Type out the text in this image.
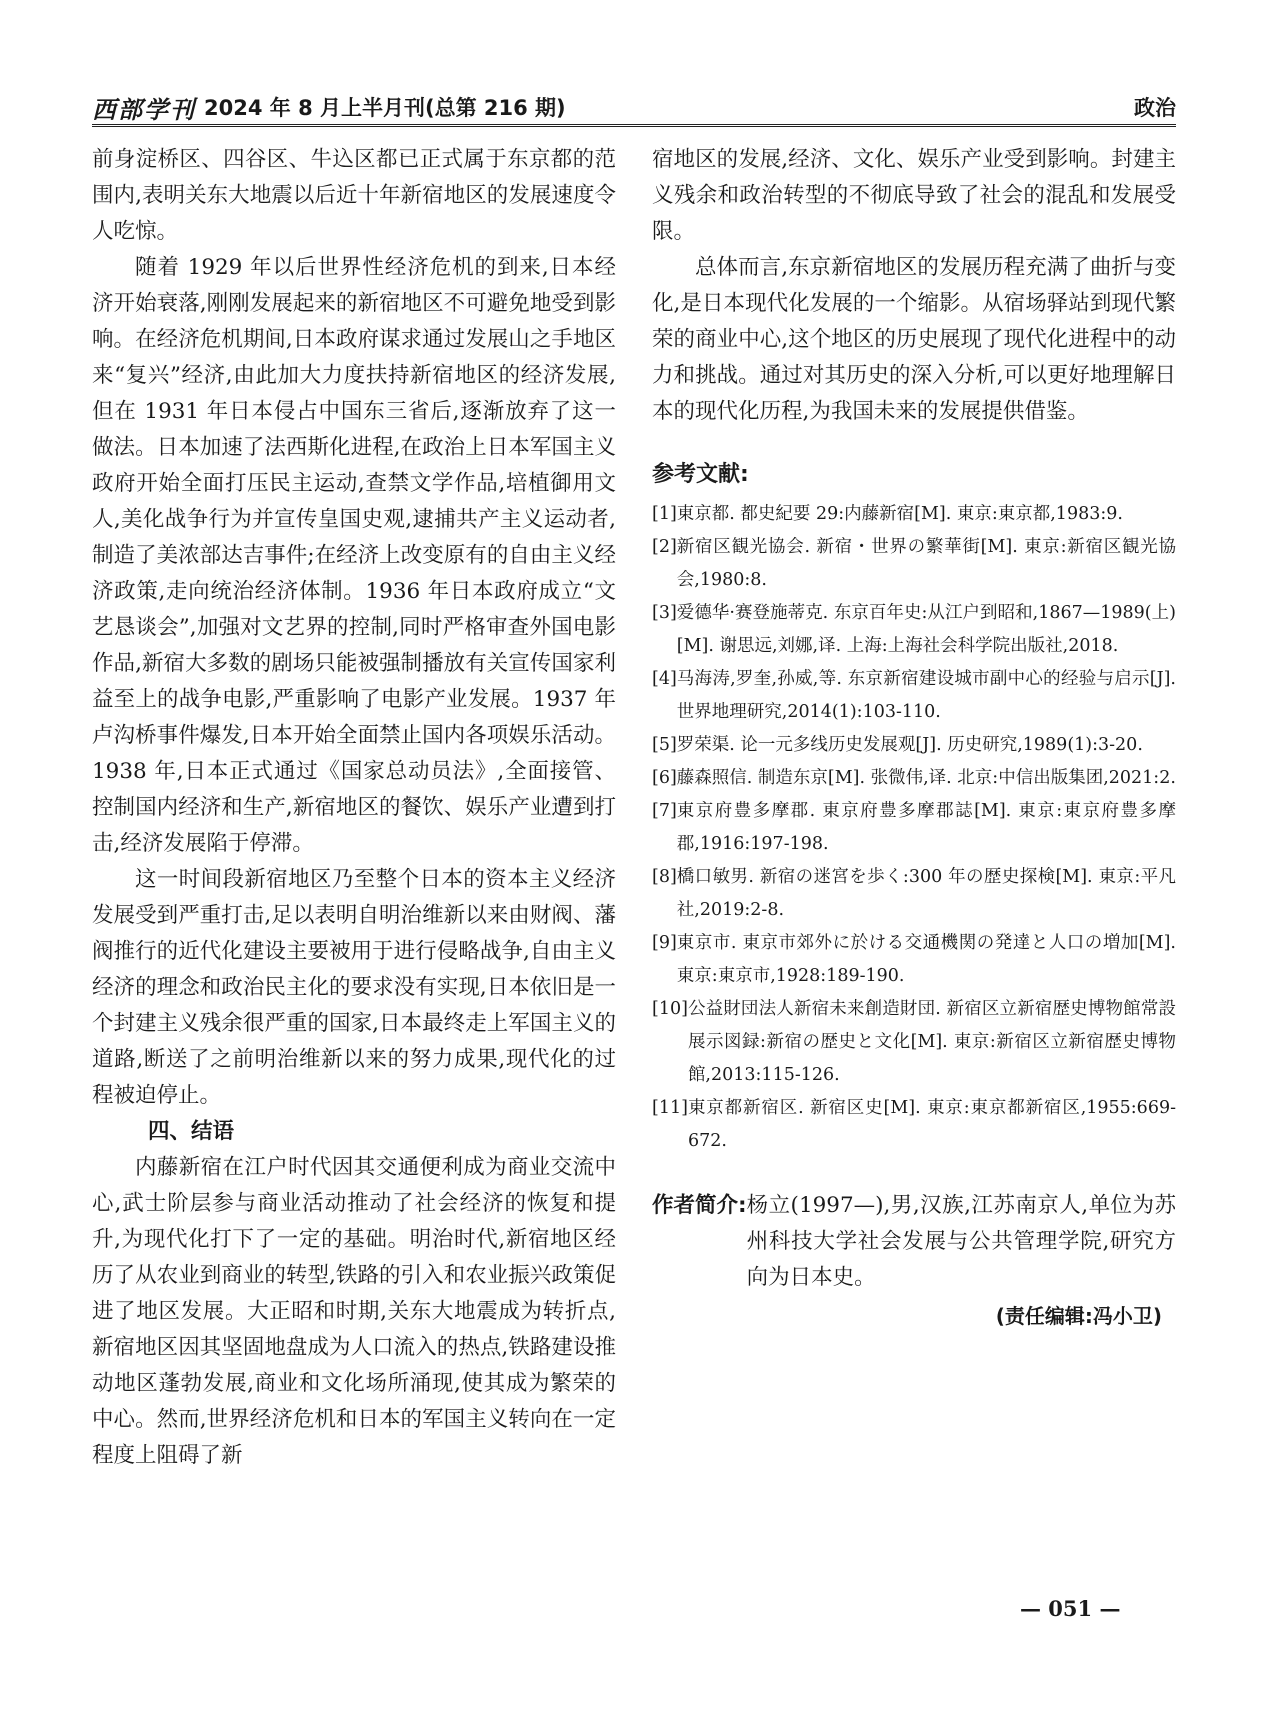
西部学刊 2024 年 8 月上半月刊(总第 216 期)	政治

前身淀桥区、四谷区、牛込区都已正式属于东京都的范围内,表明关东大地震以后近十年新宿地区的发展速度令人吃惊。

随着 1929 年以后世界性经济危机的到来,日本经济开始衰落,刚刚发展起来的新宿地区不可避免地受到影响。在经济危机期间,日本政府谋求通过发展山之手地区来“复兴”经济,由此加大力度扶持新宿地区的经济发展,但在 1931 年日本侵占中国东三省后,逐渐放弃了这一做法。日本加速了法西斯化进程,在政治上日本军国主义政府开始全面打压民主运动,查禁文学作品,培植御用文人,美化战争行为并宣传皇国史观,逮捕共产主义运动者,制造了美浓部达吉事件;在经济上改变原有的自由主义经济政策,走向统治经济体制。1936 年日本政府成立“文艺恳谈会”,加强对文艺界的控制,同时严格审查外国电影作品,新宿大多数的剧场只能被强制播放有关宣传国家利益至上的战争电影,严重影响了电影产业发展。1937 年卢沟桥事件爆发,日本开始全面禁止国内各项娱乐活动。1938 年,日本正式通过《国家总动员法》,全面接管、控制国内经济和生产,新宿地区的餐饮、娱乐产业遭到打击,经济发展陷于停滞。

这一时间段新宿地区乃至整个日本的资本主义经济发展受到严重打击,足以表明自明治维新以来由财阀、藩阀推行的近代化建设主要被用于进行侵略战争,自由主义经济的理念和政治民主化的要求没有实现,日本依旧是一个封建主义残余很严重的国家,日本最终走上军国主义的道路,断送了之前明治维新以来的努力成果,现代化的过程被迫停止。

四、结语

内藤新宿在江户时代因其交通便利成为商业交流中心,武士阶层参与商业活动推动了社会经济的恢复和提升,为现代化打下了一定的基础。明治时代,新宿地区经历了从农业到商业的转型,铁路的引入和农业振兴政策促进了地区发展。大正昭和时期,关东大地震成为转折点,新宿地区因其坚固地盘成为人口流入的热点,铁路建设推动地区蓬勃发展,商业和文化场所涌现,使其成为繁荣的中心。然而,世界经济危机和日本的军国主义转向在一定程度上阻碍了新

宿地区的发展,经济、文化、娱乐产业受到影响。封建主义残余和政治转型的不彻底导致了社会的混乱和发展受限。

总体而言,东京新宿地区的发展历程充满了曲折与变化,是日本现代化发展的一个缩影。从宿场驿站到现代繁荣的商业中心,这个地区的历史展现了现代化进程中的动力和挑战。通过对其历史的深入分析,可以更好地理解日本的现代化历程,为我国未来的发展提供借鉴。

参考文献:
[1] 東京都. 都史紀要 29:内藤新宿[M]. 東京:東京都,1983:9.
[2] 新宿区観光協会. 新宿・世界の繁華街[M]. 東京:新宿区観光協会,1980:8.
[3] 爱德华·赛登施蒂克. 东京百年史:从江户到昭和,1867—1989(上)[M]. 谢思远,刘娜,译. 上海:上海社会科学院出版社,2018.
[4] 马海涛,罗奎,孙威,等. 东京新宿建设城市副中心的经验与启示[J]. 世界地理研究,2014(1):103-110.
[5] 罗荣渠. 论一元多线历史发展观[J]. 历史研究,1989(1):3-20.
[6] 藤森照信. 制造东京[M]. 张微伟,译. 北京:中信出版集团,2021:2.
[7] 東京府豊多摩郡. 東京府豊多摩郡誌[M]. 東京:東京府豊多摩郡,1916:197-198.
[8] 橋口敏男. 新宿の迷宮を歩く:300 年の歴史探検[M]. 東京:平凡社,2019:2-8.
[9] 東京市. 東京市郊外に於ける交通機関の発達と人口の増加[M]. 東京:東京市,1928:189-190.
[10] 公益財団法人新宿未来創造財団. 新宿区立新宿歴史博物館常設展示図録:新宿の歴史と文化[M]. 東京:新宿区立新宿歴史博物館,2013:115-126.
[11] 東京都新宿区. 新宿区史[M]. 東京:東京都新宿区,1955:669-672.
作者简介: 杨立(1997—),男,汉族,江苏南京人,单位为苏州科技大学社会发展与公共管理学院,研究方向为日本史。
(责任编辑:冯小卫)
— 051 —
